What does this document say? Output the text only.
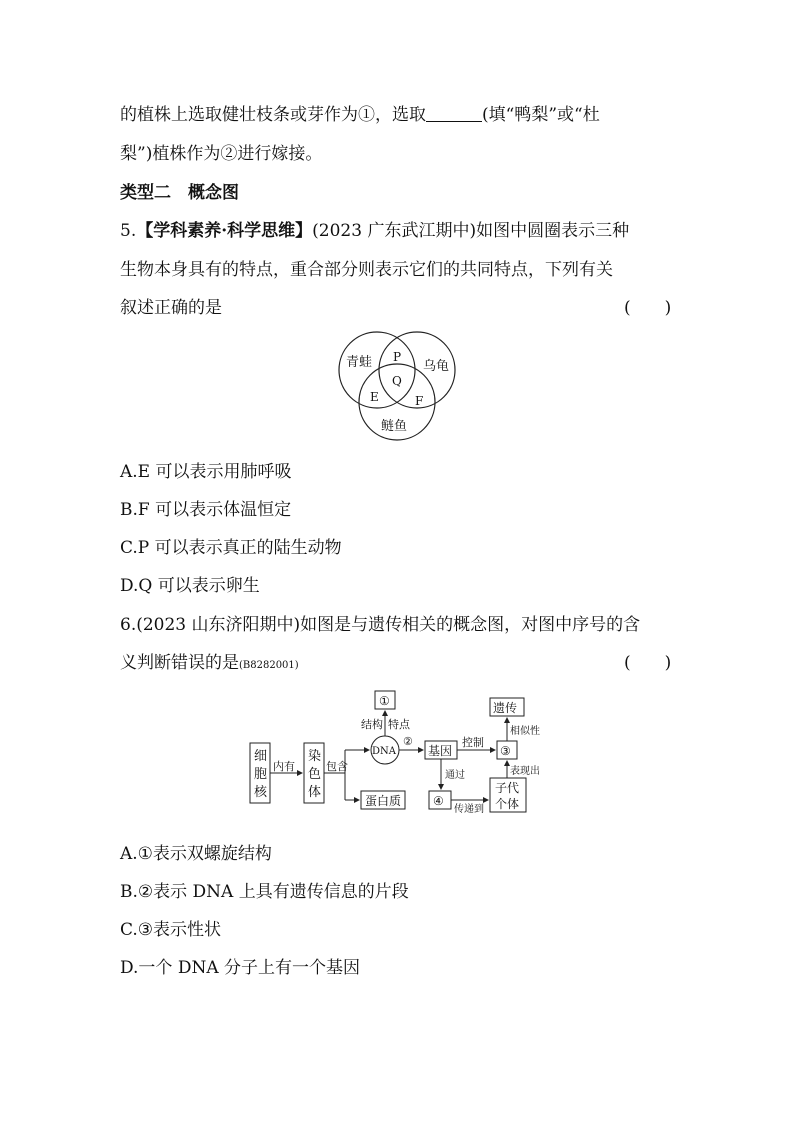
的植株上选取健壮枝条或芽作为①，选取	(填“鸭梨”或“杜
梨”)植株作为②进行嫁接。
类型二　概念图
5.【学科素养·科学思维】(2023 广东武江期中)如图中圆圈表示三种
生物本身具有的特点，重合部分则表示它们的共同特点，下列有关
叙述正确的是	(　　)
青蛙	乌龟
鲢鱼
P
Q
E	F
A.E 可以表示用肺呼吸
B.F 可以表示体温恒定
C.P 可以表示真正的陆生动物
D.Q 可以表示卵生
6.(2023 山东济阳期中)如图是与遗传相关的概念图，对图中序号的含
义判断错误的是(B8282001)	(　　)
细
胞
核
染
色
体
内有	包含
DNA
②
基因
控制
③
①
结构 特点
遗传
相似性
蛋白质
通过
④
传递到
子代
个体
表现出
A.①表示双螺旋结构
B.②表示 DNA 上具有遗传信息的片段
C.③表示性状
D.一个 DNA 分子上有一个基因
